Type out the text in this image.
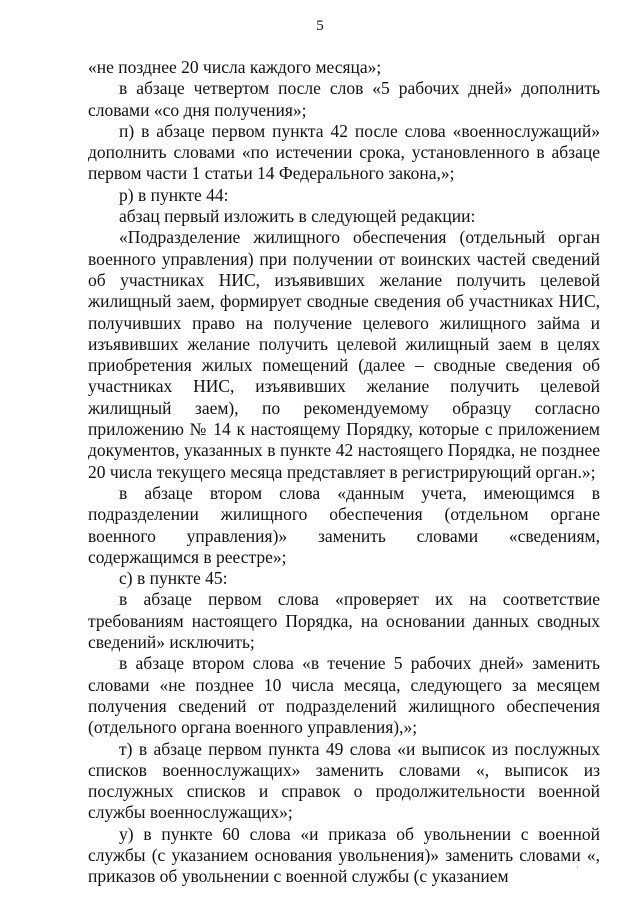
5

«не позднее 20 числа каждого месяца»;

в абзаце четвертом после слов «5 рабочих дней» дополнить словами «со дня получения»;

п) в абзаце первом пункта 42 после слова «военнослужащий» дополнить словами «по истечении срока, установленного в абзаце первом части 1 статьи 14 Федерального закона,»;

р) в пункте 44:

абзац первый изложить в следующей редакции:

«Подразделение жилищного обеспечения (отдельный орган военного управления) при получении от воинских частей сведений об участниках НИС, изъявивших желание получить целевой жилищный заем, формирует сводные сведения об участниках НИС, получивших право на получение целевого жилищного займа и изъявивших желание получить целевой жилищный заем в целях приобретения жилых помещений (далее – сводные сведения об участниках НИС, изъявивших желание получить целевой жилищный заем), по рекомендуемому образцу согласно приложению № 14 к настоящему Порядку, которые с приложением документов, указанных в пункте 42 настоящего Порядка, не позднее 20 числа текущего месяца представляет в регистрирующий орган.»;

в абзаце втором слова «данным учета, имеющимся в подразделении жилищного обеспечения (отдельном органе военного управления)» заменить словами «сведениям, содержащимся в реестре»;

с) в пункте 45:

в абзаце первом слова «проверяет их на соответствие требованиям настоящего Порядка, на основании данных сводных сведений» исключить;

в абзаце втором слова «в течение 5 рабочих дней» заменить словами «не позднее 10 числа месяца, следующего за месяцем получения сведений от подразделений жилищного обеспечения (отдельного органа военного управления),»;

т) в абзаце первом пункта 49 слова «и выписок из послужных списков военнослужащих» заменить словами «, выписок из послужных списков и справок о продолжительности военной службы военнослужащих»;

у) в пункте 60 слова «и приказа об увольнении с военной службы (с указанием основания увольнения)» заменить словами «, приказов об увольнении с военной службы (с указанием
